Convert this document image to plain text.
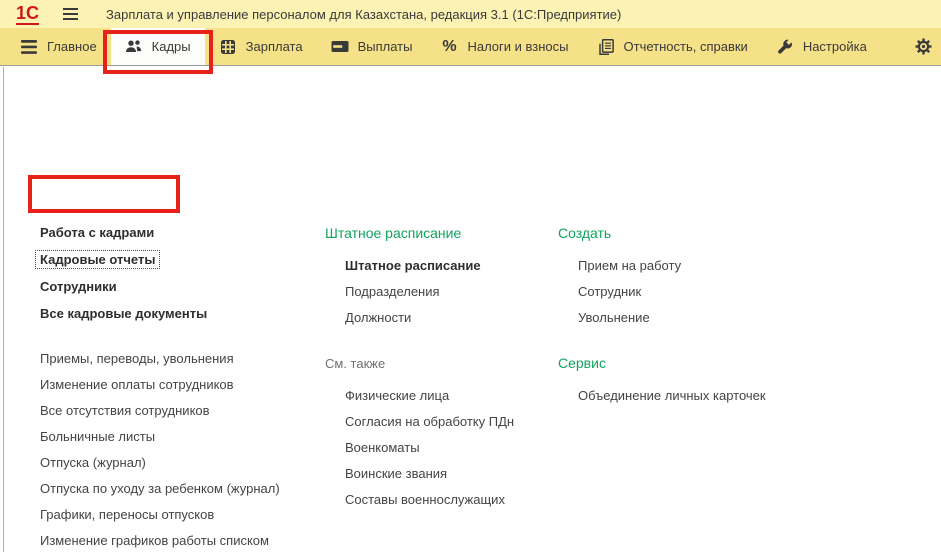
1С	Зарплата и управление персоналом для Казахстана, редакция 3.1 (1С:Предприятие)
Главное	Кадры	Зарплата	Выплаты % Налоги и взносы	Отчетность, справки	Настройка
Работа с кадрами
Кадровые отчеты
Сотрудники
Все кадровые документы
Приемы, переводы, увольнения
Изменение оплаты сотрудников
Все отсутствия сотрудников
Больничные листы
Отпуска (журнал)
Отпуска по уходу за ребенком (журнал)
Графики, переносы отпусков
Изменение графиков работы списком
Штатное расписание
Штатное расписание
Подразделения
Должности
См. также
Физические лица
Согласия на обработку ПДн
Военкоматы
Воинские звания
Составы военнослужащих
Создать
Прием на работу
Сотрудник
Увольнение
Сервис
Объединение личных карточек
